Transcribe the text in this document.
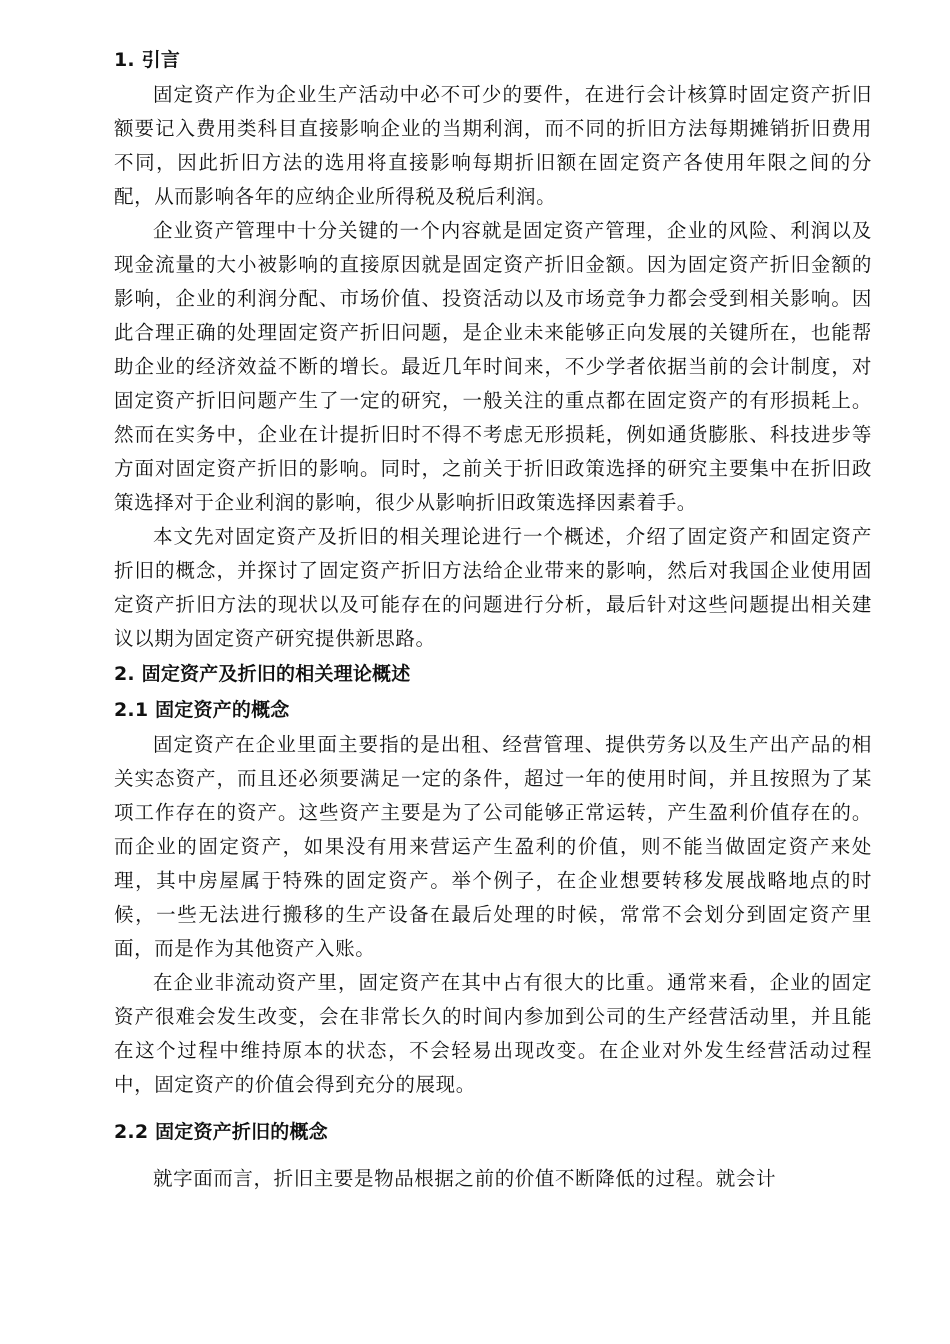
1. 引言

固定资产作为企业生产活动中必不可少的要件，在进行会计核算时固定资产折旧额要记入费用类科目直接影响企业的当期利润，而不同的折旧方法每期摊销折旧费用不同，因此折旧方法的选用将直接影响每期折旧额在固定资产各使用年限之间的分配，从而影响各年的应纳企业所得税及税后利润。

企业资产管理中十分关键的一个内容就是固定资产管理，企业的风险、利润以及现金流量的大小被影响的直接原因就是固定资产折旧金额。因为固定资产折旧金额的影响，企业的利润分配、市场价值、投资活动以及市场竞争力都会受到相关影响。因此合理正确的处理固定资产折旧问题，是企业未来能够正向发展的关键所在，也能帮助企业的经济效益不断的增长。最近几年时间来，不少学者依据当前的会计制度，对固定资产折旧问题产生了一定的研究，一般关注的重点都在固定资产的有形损耗上。然而在实务中，企业在计提折旧时不得不考虑无形损耗，例如通货膨胀、科技进步等方面对固定资产折旧的影响。同时，之前关于折旧政策选择的研究主要集中在折旧政策选择对于企业利润的影响，很少从影响折旧政策选择因素着手。

本文先对固定资产及折旧的相关理论进行一个概述，介绍了固定资产和固定资产折旧的概念，并探讨了固定资产折旧方法给企业带来的影响，然后对我国企业使用固定资产折旧方法的现状以及可能存在的问题进行分析，最后针对这些问题提出相关建议以期为固定资产研究提供新思路。

2. 固定资产及折旧的相关理论概述
2.1 固定资产的概念

固定资产在企业里面主要指的是出租、经营管理、提供劳务以及生产出产品的相关实态资产，而且还必须要满足一定的条件，超过一年的使用时间，并且按照为了某项工作存在的资产。这些资产主要是为了公司能够正常运转，产生盈利价值存在的。而企业的固定资产，如果没有用来营运产生盈利的价值，则不能当做固定资产来处理，其中房屋属于特殊的固定资产。举个例子，在企业想要转移发展战略地点的时候，一些无法进行搬移的生产设备在最后处理的时候，常常不会划分到固定资产里面，而是作为其他资产入账。

在企业非流动资产里，固定资产在其中占有很大的比重。通常来看，企业的固定资产很难会发生改变，会在非常长久的时间内参加到公司的生产经营活动里，并且能在这个过程中维持原本的状态，不会轻易出现改变。在企业对外发生经营活动过程中，固定资产的价值会得到充分的展现。

2.2 固定资产折旧的概念

就字面而言，折旧主要是物品根据之前的价值不断降低的过程。就会计
